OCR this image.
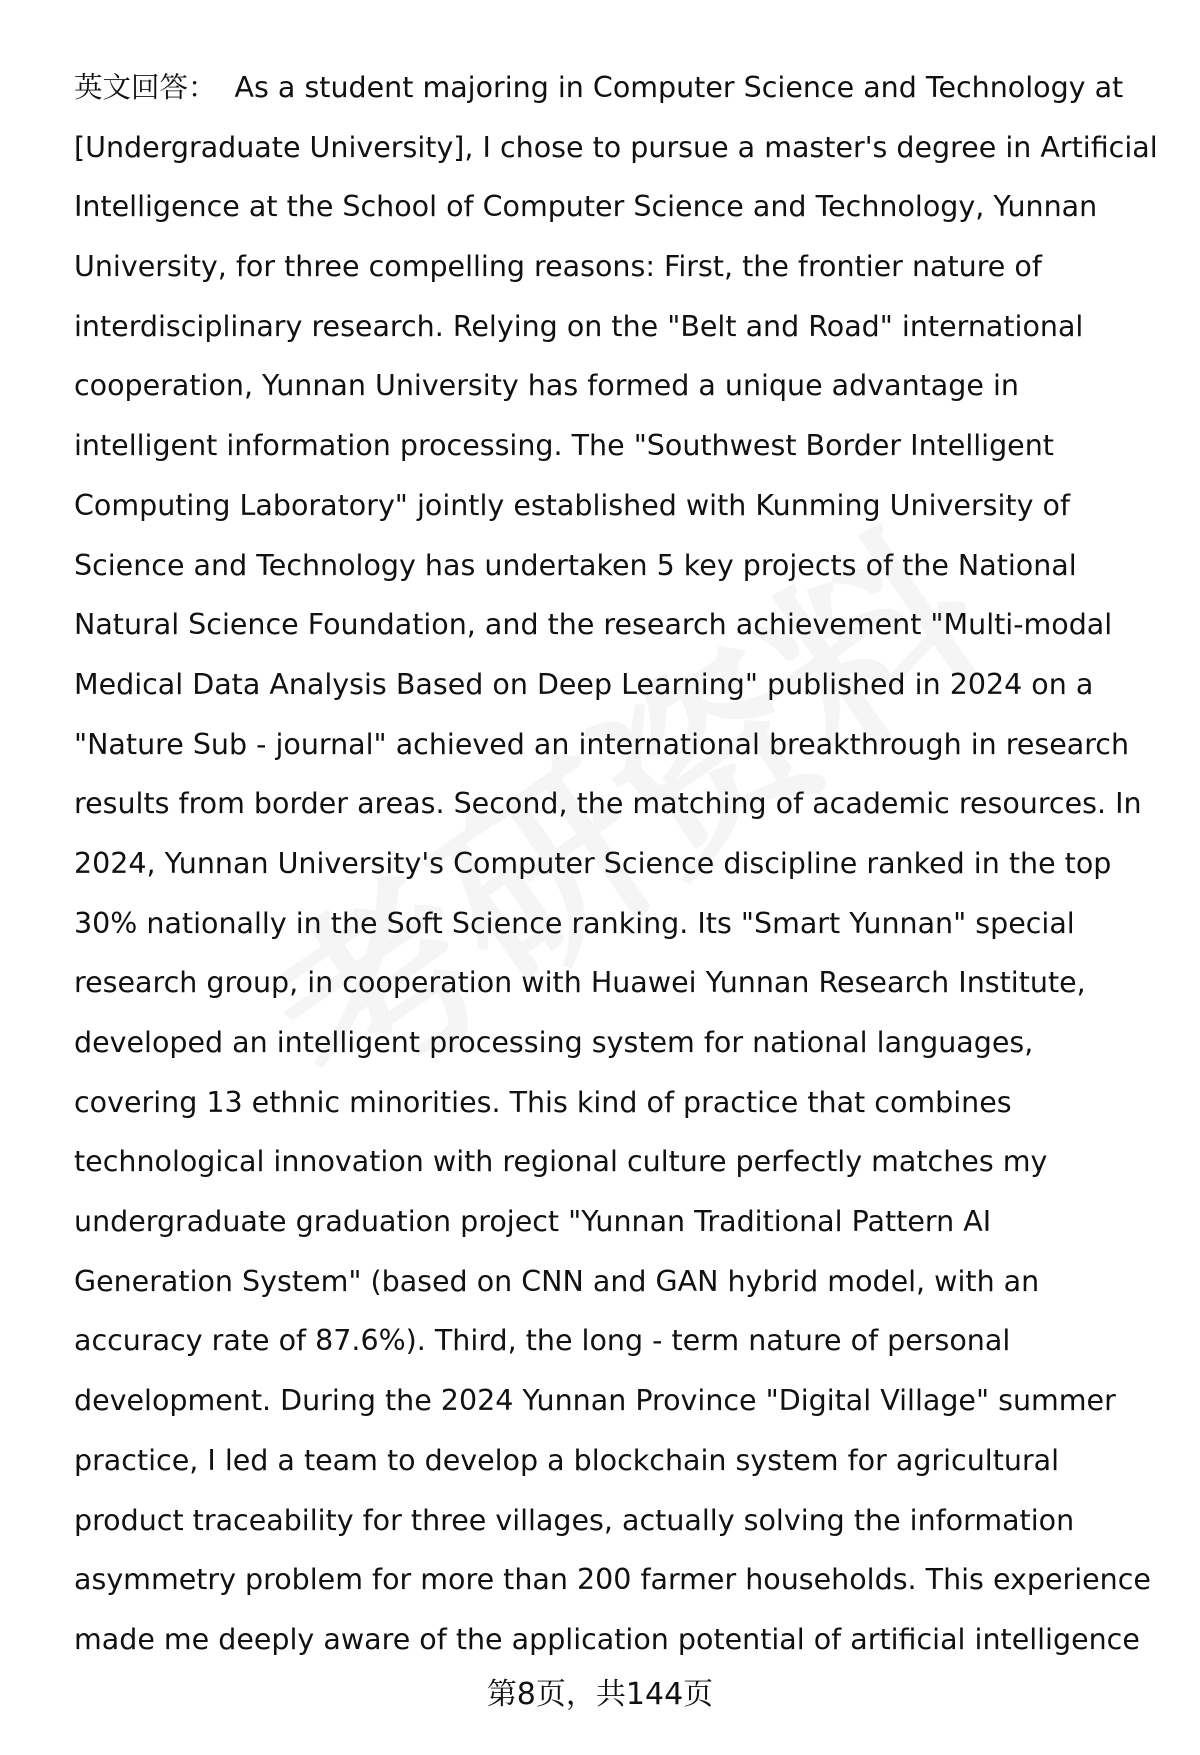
英文回答： As a student majoring in Computer Science and Technology at
[Undergraduate University], I chose to pursue a master's degree in Artificial
Intelligence at the School of Computer Science and Technology, Yunnan
University, for three compelling reasons: First, the frontier nature of
interdisciplinary research. Relying on the "Belt and Road" international
cooperation, Yunnan University has formed a unique advantage in
intelligent information processing. The "Southwest Border Intelligent
Computing Laboratory" jointly established with Kunming University of
Science and Technology has undertaken 5 key projects of the National
Natural Science Foundation, and the research achievement "Multi-modal
Medical Data Analysis Based on Deep Learning" published in 2024 on a
"Nature Sub - journal" achieved an international breakthrough in research
results from border areas. Second, the matching of academic resources. In
2024, Yunnan University's Computer Science discipline ranked in the top
30% nationally in the Soft Science ranking. Its "Smart Yunnan" special
research group, in cooperation with Huawei Yunnan Research Institute,
developed an intelligent processing system for national languages,
covering 13 ethnic minorities. This kind of practice that combines
technological innovation with regional culture perfectly matches my
undergraduate graduation project "Yunnan Traditional Pattern AI
Generation System" (based on CNN and GAN hybrid model, with an
accuracy rate of 87.6%). Third, the long - term nature of personal
development. During the 2024 Yunnan Province "Digital Village" summer
practice, I led a team to develop a blockchain system for agricultural
product traceability for three villages, actually solving the information
asymmetry problem for more than 200 farmer households. This experience
made me deeply aware of the application potential of artificial intelligence
第8页，共144页
